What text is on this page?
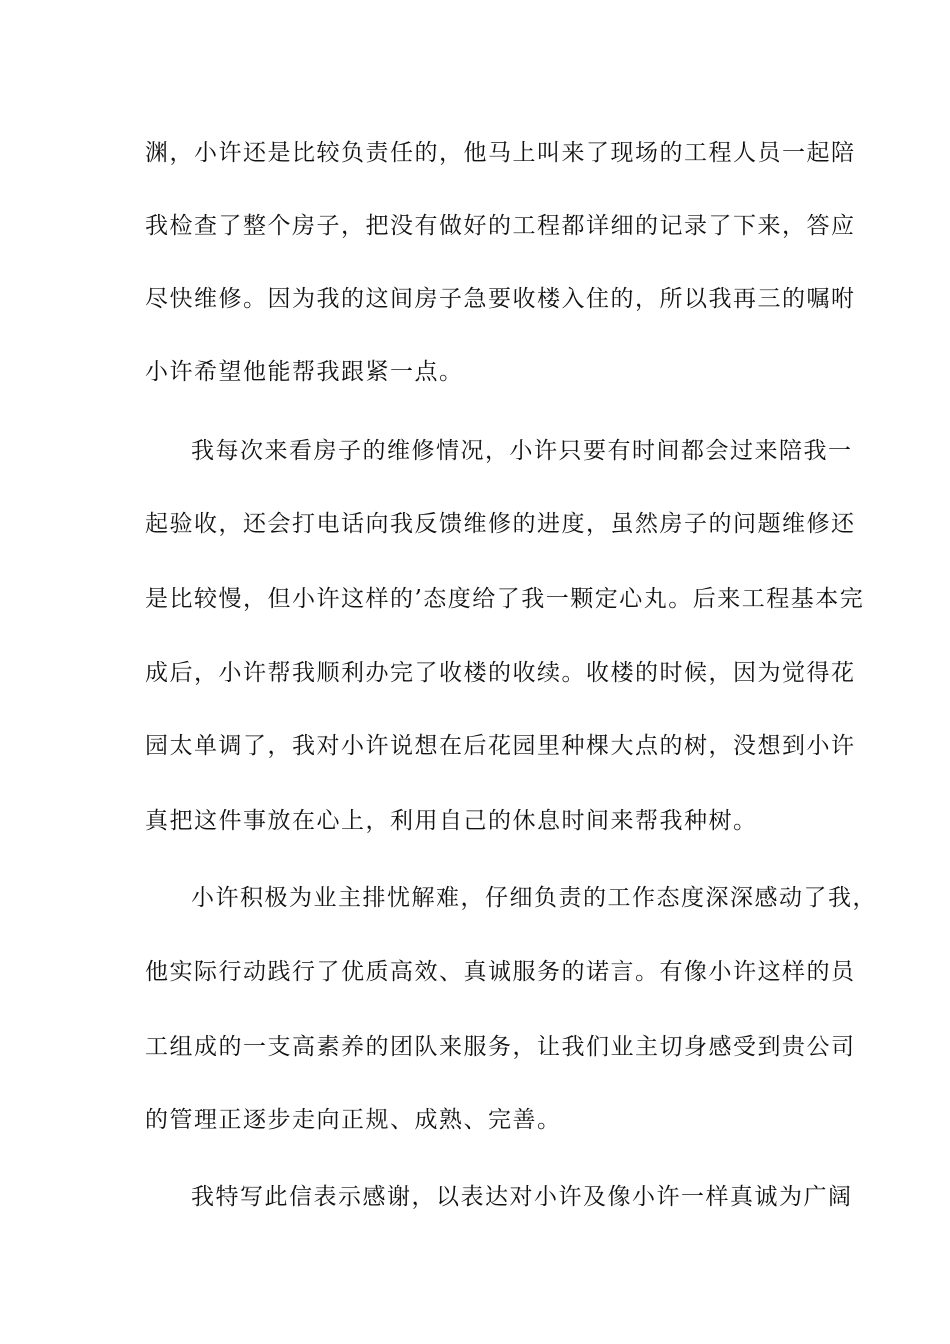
渊，小许还是比较负责任的，他马上叫来了现场的工程人员一起陪
我检查了整个房子，把没有做好的工程都详细的记录了下来，答应
尽快维修。因为我的这间房子急要收楼入住的，所以我再三的嘱咐
小许希望他能帮我跟紧一点。
我每次来看房子的维修情况，小许只要有时间都会过来陪我一
起验收，还会打电话向我反馈维修的进度，虽然房子的问题维修还
是比较慢，但小许这样的’态度给了我一颗定心丸。后来工程基本完
成后，小许帮我顺利办完了收楼的收续。收楼的时候，因为觉得花
园太单调了，我对小许说想在后花园里种棵大点的树，没想到小许
真把这件事放在心上，利用自己的休息时间来帮我种树。
小许积极为业主排忧解难，仔细负责的工作态度深深感动了我，
他实际行动践行了优质高效、真诚服务的诺言。有像小许这样的员
工组成的一支高素养的团队来服务，让我们业主切身感受到贵公司
的管理正逐步走向正规、成熟、完善。
我特写此信表示感谢，以表达对小许及像小许一样真诚为广阔
